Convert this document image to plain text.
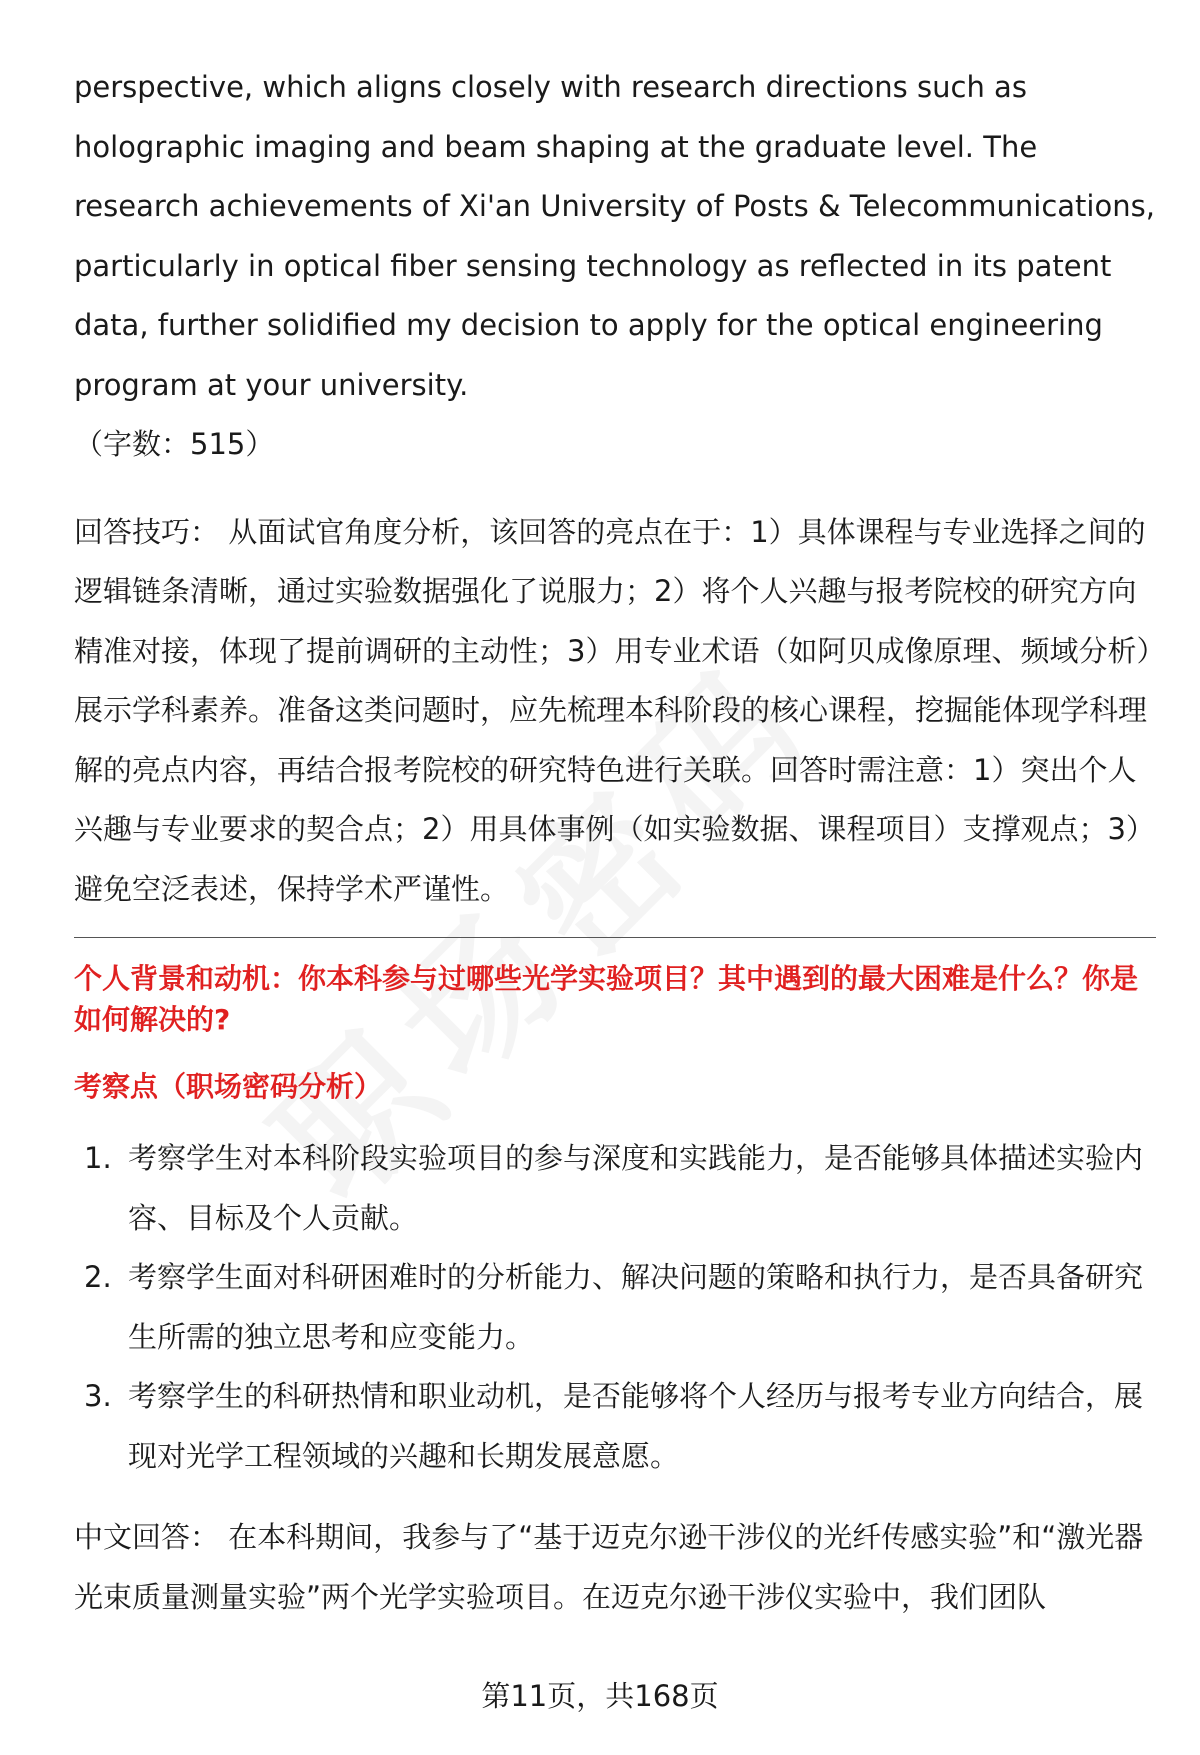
perspective, which aligns closely with research directions such as holographic imaging and beam shaping at the graduate level. The research achievements of Xi'an University of Posts & Telecommunications, particularly in optical fiber sensing technology as reflected in its patent data, further solidified my decision to apply for the optical engineering program at your university.

（字数：515）

回答技巧： 从面试官角度分析，该回答的亮点在于：1）具体课程与专业选择之间的逻辑链条清晰，通过实验数据强化了说服力；2）将个人兴趣与报考院校的研究方向精准对接，体现了提前调研的主动性；3）用专业术语（如阿贝成像原理、频域分析）展示学科素养。准备这类问题时，应先梳理本科阶段的核心课程，挖掘能体现学科理解的亮点内容，再结合报考院校的研究特色进行关联。回答时需注意：1）突出个人兴趣与专业要求的契合点；2）用具体事例（如实验数据、课程项目）支撑观点；3）避免空泛表述，保持学术严谨性。

个人背景和动机：你本科参与过哪些光学实验项目？其中遇到的最大困难是什么？你是如何解决的?

考察点（职场密码分析）

1. 考察学生对本科阶段实验项目的参与深度和实践能力，是否能够具体描述实验内容、目标及个人贡献。
2. 考察学生面对科研困难时的分析能力、解决问题的策略和执行力，是否具备研究生所需的独立思考和应变能力。
3. 考察学生的科研热情和职业动机，是否能够将个人经历与报考专业方向结合，展现对光学工程领域的兴趣和长期发展意愿。

中文回答： 在本科期间，我参与了“基于迈克尔逊干涉仪的光纤传感实验”和“激光器光束质量测量实验”两个光学实验项目。在迈克尔逊干涉仪实验中，我们团队

第11页，共168页
